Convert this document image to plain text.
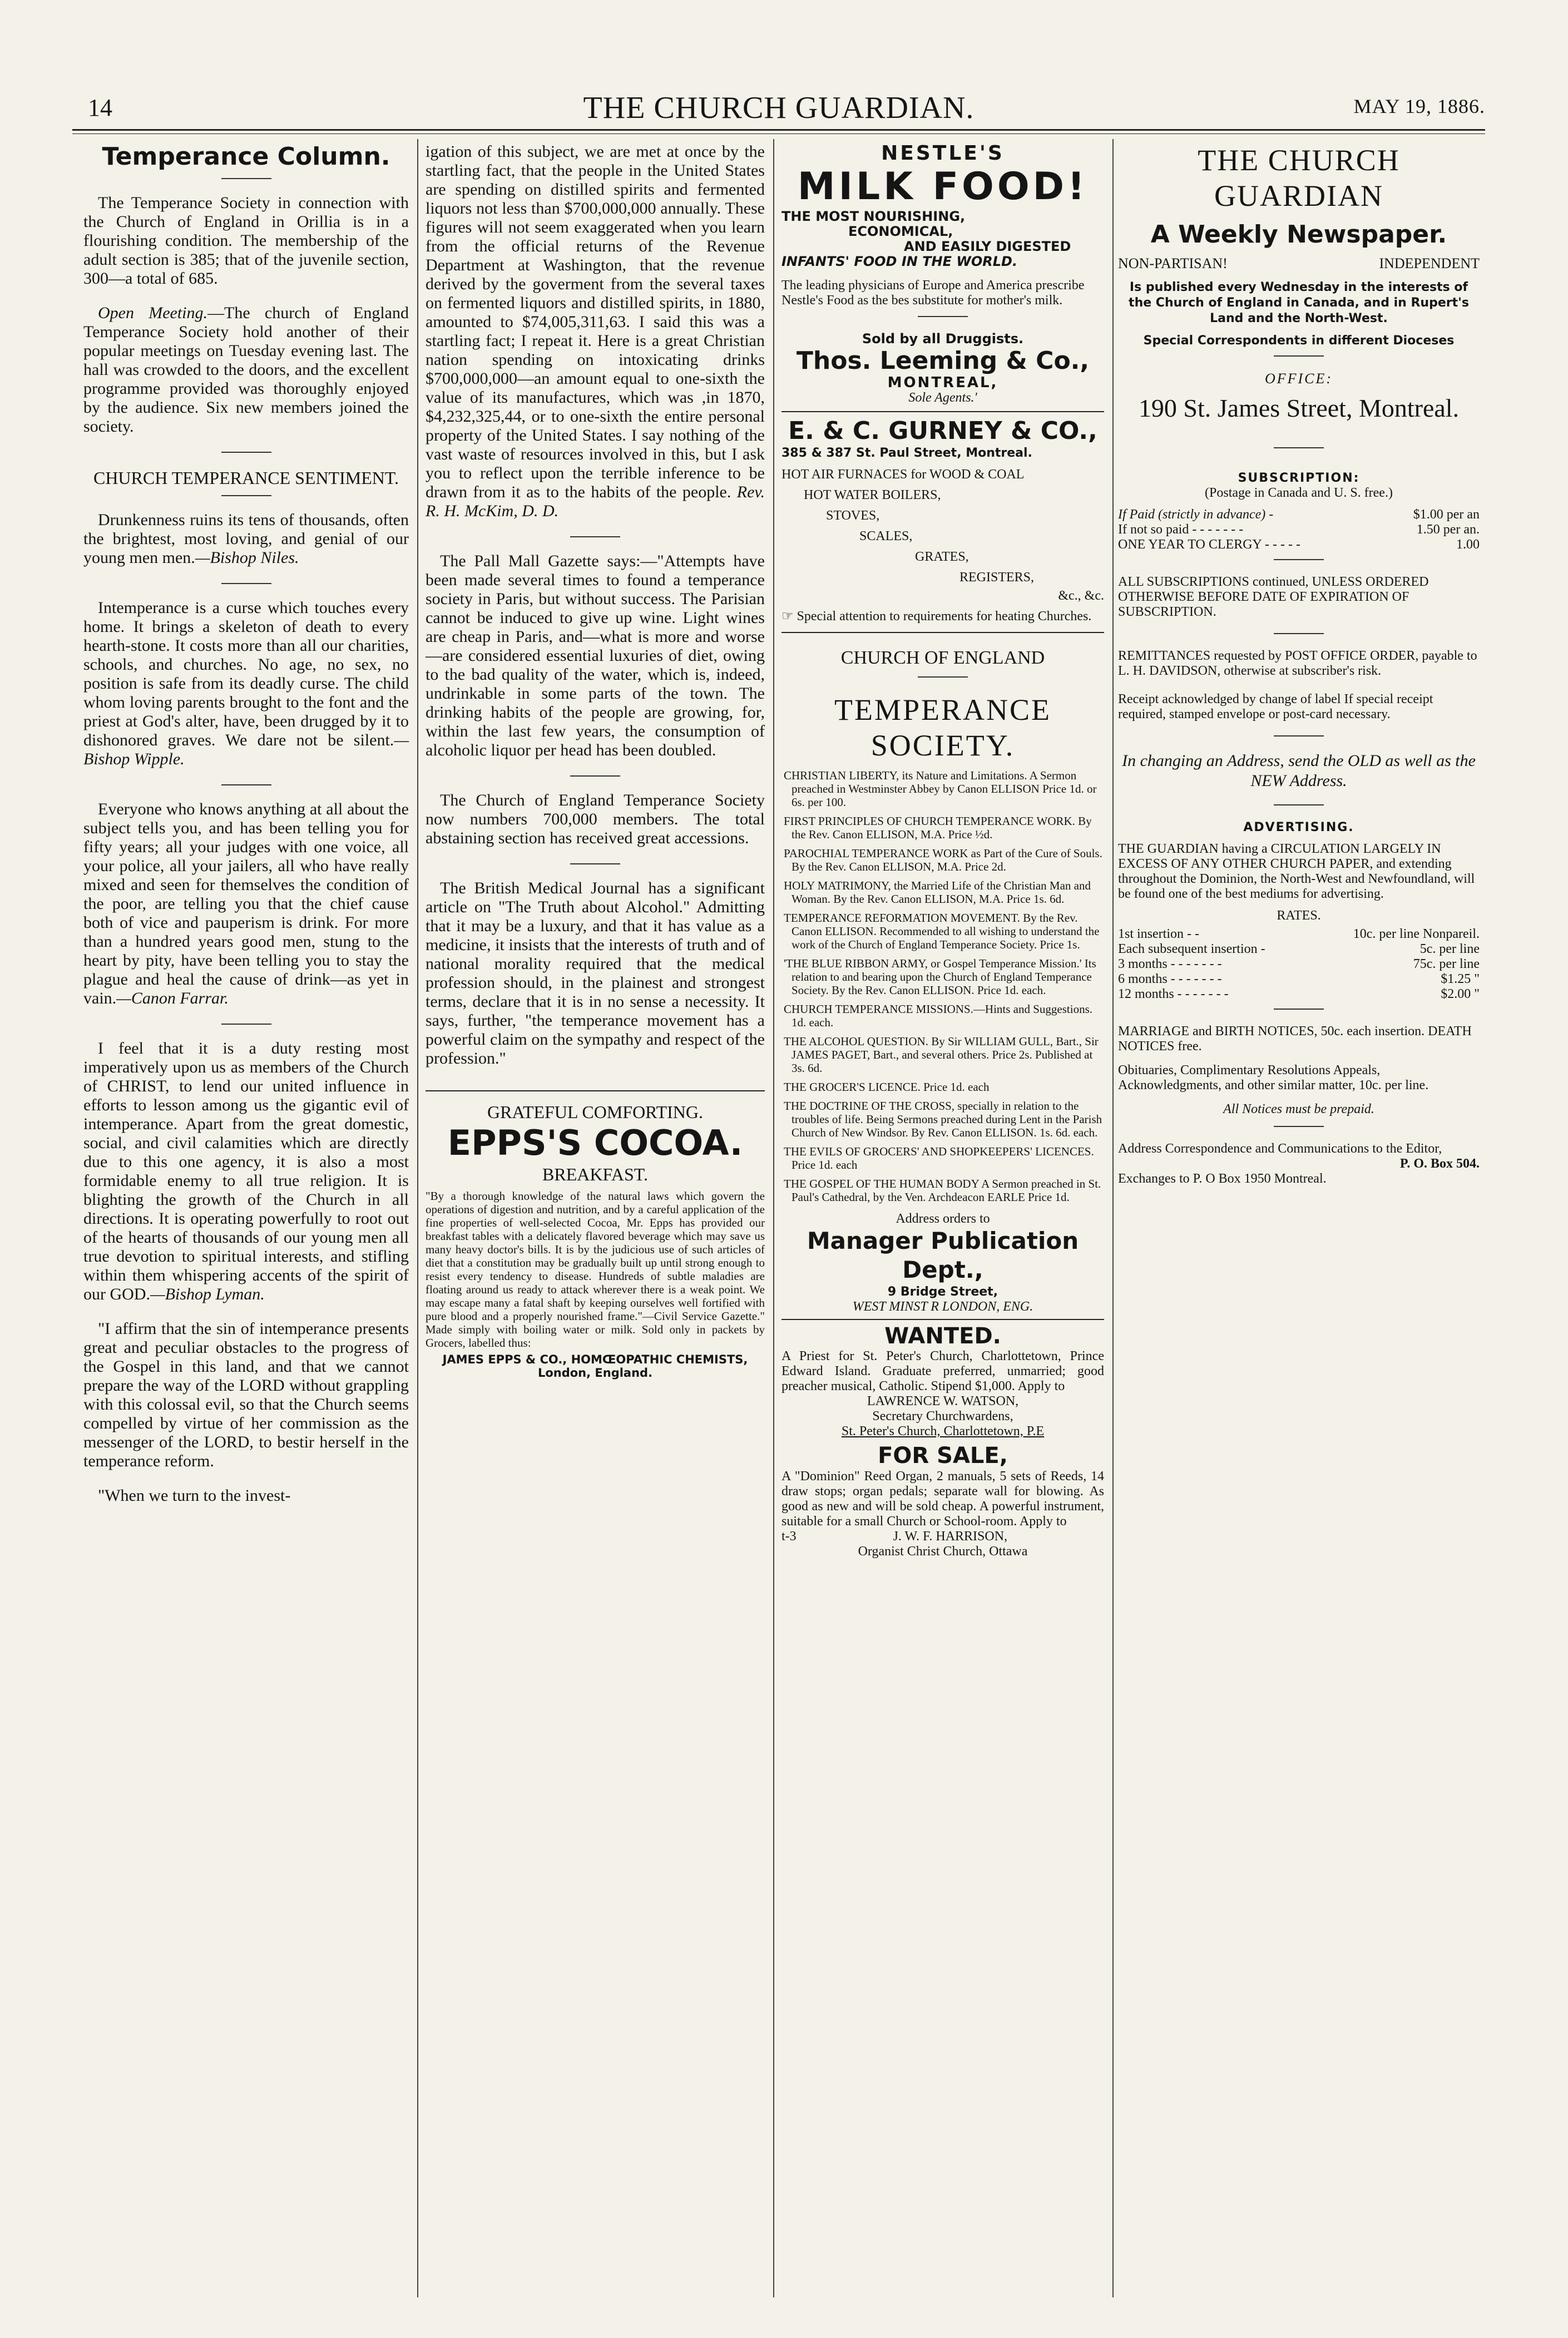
14	THE CHURCH GUARDIAN.	MAY 19, 1886.
Temperance Column.

The Temperance Society in connection with the Church of England in Orillia is in a flourishing condition. The membership of the adult section is 385; that of the juvenile section, 300—a total of 685.

Open Meeting.—The church of England Temperance Society hold another of their popular meetings on Tuesday evening last. The hall was crowded to the doors, and the excellent programme provided was thoroughly enjoyed by the audience. Six new members joined the society.

CHURCH TEMPERANCE SENTIMENT.

Drunkenness ruins its tens of thousands, often the brightest, most loving, and genial of our young men men.—Bishop Niles.

Intemperance is a curse which touches every home. It brings a skeleton of death to every hearth-stone. It costs more than all our charities, schools, and churches. No age, no sex, no position is safe from its deadly curse. The child whom loving parents brought to the font and the priest at God's alter, have, been drugged by it to dishonored graves. We dare not be silent.—Bishop Wipple.

Everyone who knows anything at all about the subject tells you, and has been telling you for fifty years; all your judges with one voice, all your police, all your jailers, all who have really mixed and seen for themselves the condition of the poor, are telling you that the chief cause both of vice and pauperism is drink. For more than a hundred years good men, stung to the heart by pity, have been telling you to stay the plague and heal the cause of drink—as yet in vain.—Canon Farrar.

I feel that it is a duty resting most imperatively upon us as members of the Church of CHRIST, to lend our united influence in efforts to lesson among us the gigantic evil of intemperance. Apart from the great domestic, social, and civil calamities which are directly due to this one agency, it is also a most formidable enemy to all true religion. It is blighting the growth of the Church in all directions. It is operating powerfully to root out of the hearts of thousands of our young men all true devotion to spiritual interests, and stifling within them whispering accents of the spirit of our GOD.—Bishop Lyman.

"I affirm that the sin of intemperance presents great and peculiar obstacles to the progress of the Gospel in this land, and that we cannot prepare the way of the LORD without grappling with this colossal evil, so that the Church seems compelled by virtue of her commission as the messenger of the LORD, to bestir herself in the temperance reform.

"When we turn to the invest-

igation of this subject, we are met at once by the startling fact, that the people in the United States are spending on distilled spirits and fermented liquors not less than $700,000,000 annually. These figures will not seem exaggerated when you learn from the official returns of the Revenue Department at Washington, that the revenue derived by the goverment from the several taxes on fermented liquors and distilled spirits, in 1880, amounted to $74,005,311,63. I said this was a startling fact; I repeat it. Here is a great Christian nation spending on intoxicating drinks $700,000,000—an amount equal to one-sixth the value of its manufactures, which was ,in 1870, $4,232,325,44, or to one-sixth the entire personal property of the United States. I say nothing of the vast waste of resources involved in this, but I ask you to reflect upon the terrible inference to be drawn from it as to the habits of the people. Rev. R. H. McKim, D. D.

The Pall Mall Gazette says:—"Attempts have been made several times to found a temperance society in Paris, but without success. The Parisian cannot be induced to give up wine. Light wines are cheap in Paris, and—what is more and worse—are considered essential luxuries of diet, owing to the bad quality of the water, which is, indeed, undrinkable in some parts of the town. The drinking habits of the people are growing, for, within the last few years, the consumption of alcoholic liquor per head has been doubled.

The Church of England Temperance Society now numbers 700,000 members. The total abstaining section has received great accessions.

The British Medical Journal has a significant article on "The Truth about Alcohol." Admitting that it may be a luxury, and that it has value as a medicine, it insists that the interests of truth and of national morality required that the medical profession should, in the plainest and strongest terms, declare that it is in no sense a necessity. It says, further, "the temperance movement has a powerful claim on the sympathy and respect of the profession."

GRATEFUL COMFORTING.
EPPS'S COCOA.
BREAKFAST.
"By a thorough knowledge of the natural laws which govern the operations of digestion and nutrition, and by a careful application of the fine properties of well-selected Cocoa, Mr. Epps has provided our breakfast tables with a delicately flavored beverage which may save us many heavy doctor's bills. It is by the judicious use of such articles of diet that a constitution may be gradually built up until strong enough to resist every tendency to disease. Hundreds of subtle maladies are floating around us ready to attack wherever there is a weak point. We may escape many a fatal shaft by keeping ourselves well fortified with pure blood and a properly nourished frame."—Civil Service Gazette." Made simply with boiling water or milk. Sold only in packets by Grocers, labelled thus:
JAMES EPPS & CO., HOMŒOPATHIC CHEMISTS, London, England.
NESTLE'S
MILK FOOD!
THE MOST NOURISHING,
ECONOMICAL,
AND EASILY DIGESTED
INFANTS' FOOD IN THE WORLD.
The leading physicians of Europe and America prescribe Nestle's Food as the bes substitute for mother's milk.
Sold by all Druggists.
Thos. Leeming & Co.,
MONTREAL,
Sole Agents.'
E. & C. GURNEY & CO.,
385 & 387 St. Paul Street, Montreal.
HOT AIR FURNACES for WOOD & COAL
HOT WATER BOILERS,
STOVES,
SCALES,
GRATES,
REGISTERS,
&c., &c.
☞ Special attention to requirements for heating Churches.
CHURCH OF ENGLAND
TEMPERANCE SOCIETY.

CHRISTIAN LIBERTY, its Nature and Limitations. A Sermon preached in Westminster Abbey by Canon ELLISON Price 1d. or 6s. per 100.

FIRST PRINCIPLES OF CHURCH TEMPERANCE WORK. By the Rev. Canon ELLISON, M.A. Price ½d.

PAROCHIAL TEMPERANCE WORK as Part of the Cure of Souls. By the Rev. Canon ELLISON, M.A. Price 2d.

HOLY MATRIMONY, the Married Life of the Christian Man and Woman. By the Rev. Canon ELLISON, M.A. Price 1s. 6d.

TEMPERANCE REFORMATION MOVEMENT. By the Rev. Canon ELLISON. Recommended to all wishing to understand the work of the Church of England Temperance Society. Price 1s.

'THE BLUE RIBBON ARMY, or Gospel Temperance Mission.' Its relation to and bearing upon the Church of England Temperance Society. By the Rev. Canon ELLISON. Price 1d. each.

CHURCH TEMPERANCE MISSIONS.—Hints and Suggestions. 1d. each.

THE ALCOHOL QUESTION. By Sir WILLIAM GULL, Bart., Sir JAMES PAGET, Bart., and several others. Price 2s. Published at 3s. 6d.

THE GROCER'S LICENCE. Price 1d. each

THE DOCTRINE OF THE CROSS, specially in relation to the troubles of life. Being Sermons preached during Lent in the Parish Church of New Windsor. By Rev. Canon ELLISON. 1s. 6d. each.

THE EVILS OF GROCERS' AND SHOPKEEPERS' LICENCES. Price 1d. each

THE GOSPEL OF THE HUMAN BODY A Sermon preached in St. Paul's Cathedral, by the Ven. Archdeacon EARLE Price 1d.

Address orders to
Manager Publication Dept.,
9 Bridge Street,
WEST MINST R LONDON, ENG.
WANTED.
A Priest for St. Peter's Church, Charlottetown, Prince Edward Island. Graduate preferred, unmarried; good preacher musical, Catholic. Stipend $1,000. Apply to
LAWRENCE W. WATSON,
Secretary Churchwardens,
St. Peter's Church, Charlottetown, P.E
FOR SALE,
A "Dominion" Reed Organ, 2 manuals, 5 sets of Reeds, 14 draw stops; organ pedals; separate wall for blowing. As good as new and will be sold cheap. A powerful instrument, suitable for a small Church or School-room. Apply to
t-3	J. W. F. HARRISON,
Organist Christ Church, Ottawa
THE CHURCH GUARDIAN
A Weekly Newspaper.
NON-PARTISAN!	INDEPENDENT
Is published every Wednesday in the interests of the Church of England in Canada, and in Rupert's Land and the North-West.
Special Correspondents in different Dioceses
OFFICE:
190 St. James Street, Montreal.
SUBSCRIPTION:
(Postage in Canada and U. S. free.)
If Paid (strictly in advance) -	$1.00 per an
If not so paid - - - - - - -	1.50 per an.
ONE YEAR TO CLERGY - - - - -	1.00
ALL SUBSCRIPTIONS continued, UNLESS ORDERED OTHERWISE BEFORE DATE OF EXPIRATION OF SUBSCRIPTION.
REMITTANCES requested by POST OFFICE ORDER, payable to L. H. DAVIDSON, otherwise at subscriber's risk.
Receipt acknowledged by change of label If special receipt required, stamped envelope or post-card necessary.
In changing an Address, send the OLD as well as the NEW Address.
ADVERTISING.
THE GUARDIAN having a CIRCULATION LARGELY IN EXCESS OF ANY OTHER CHURCH PAPER, and extending throughout the Dominion, the North-West and Newfoundland, will be found one of the best mediums for advertising.
RATES.
1st insertion - -	10c. per line Nonpareil.
Each subsequent insertion -	5c. per line
3 months - - - - - - -	75c. per line
6 months - - - - - - -	$1.25 "
12 months - - - - - - -	$2.00 "
MARRIAGE and BIRTH NOTICES, 50c. each insertion. DEATH NOTICES free.
Obituaries, Complimentary Resolutions Appeals, Acknowledgments, and other similar matter, 10c. per line.
All Notices must be prepaid.
Address Correspondence and Communications to the Editor,
P. O. Box 504.
Exchanges to P. O Box 1950 Montreal.
